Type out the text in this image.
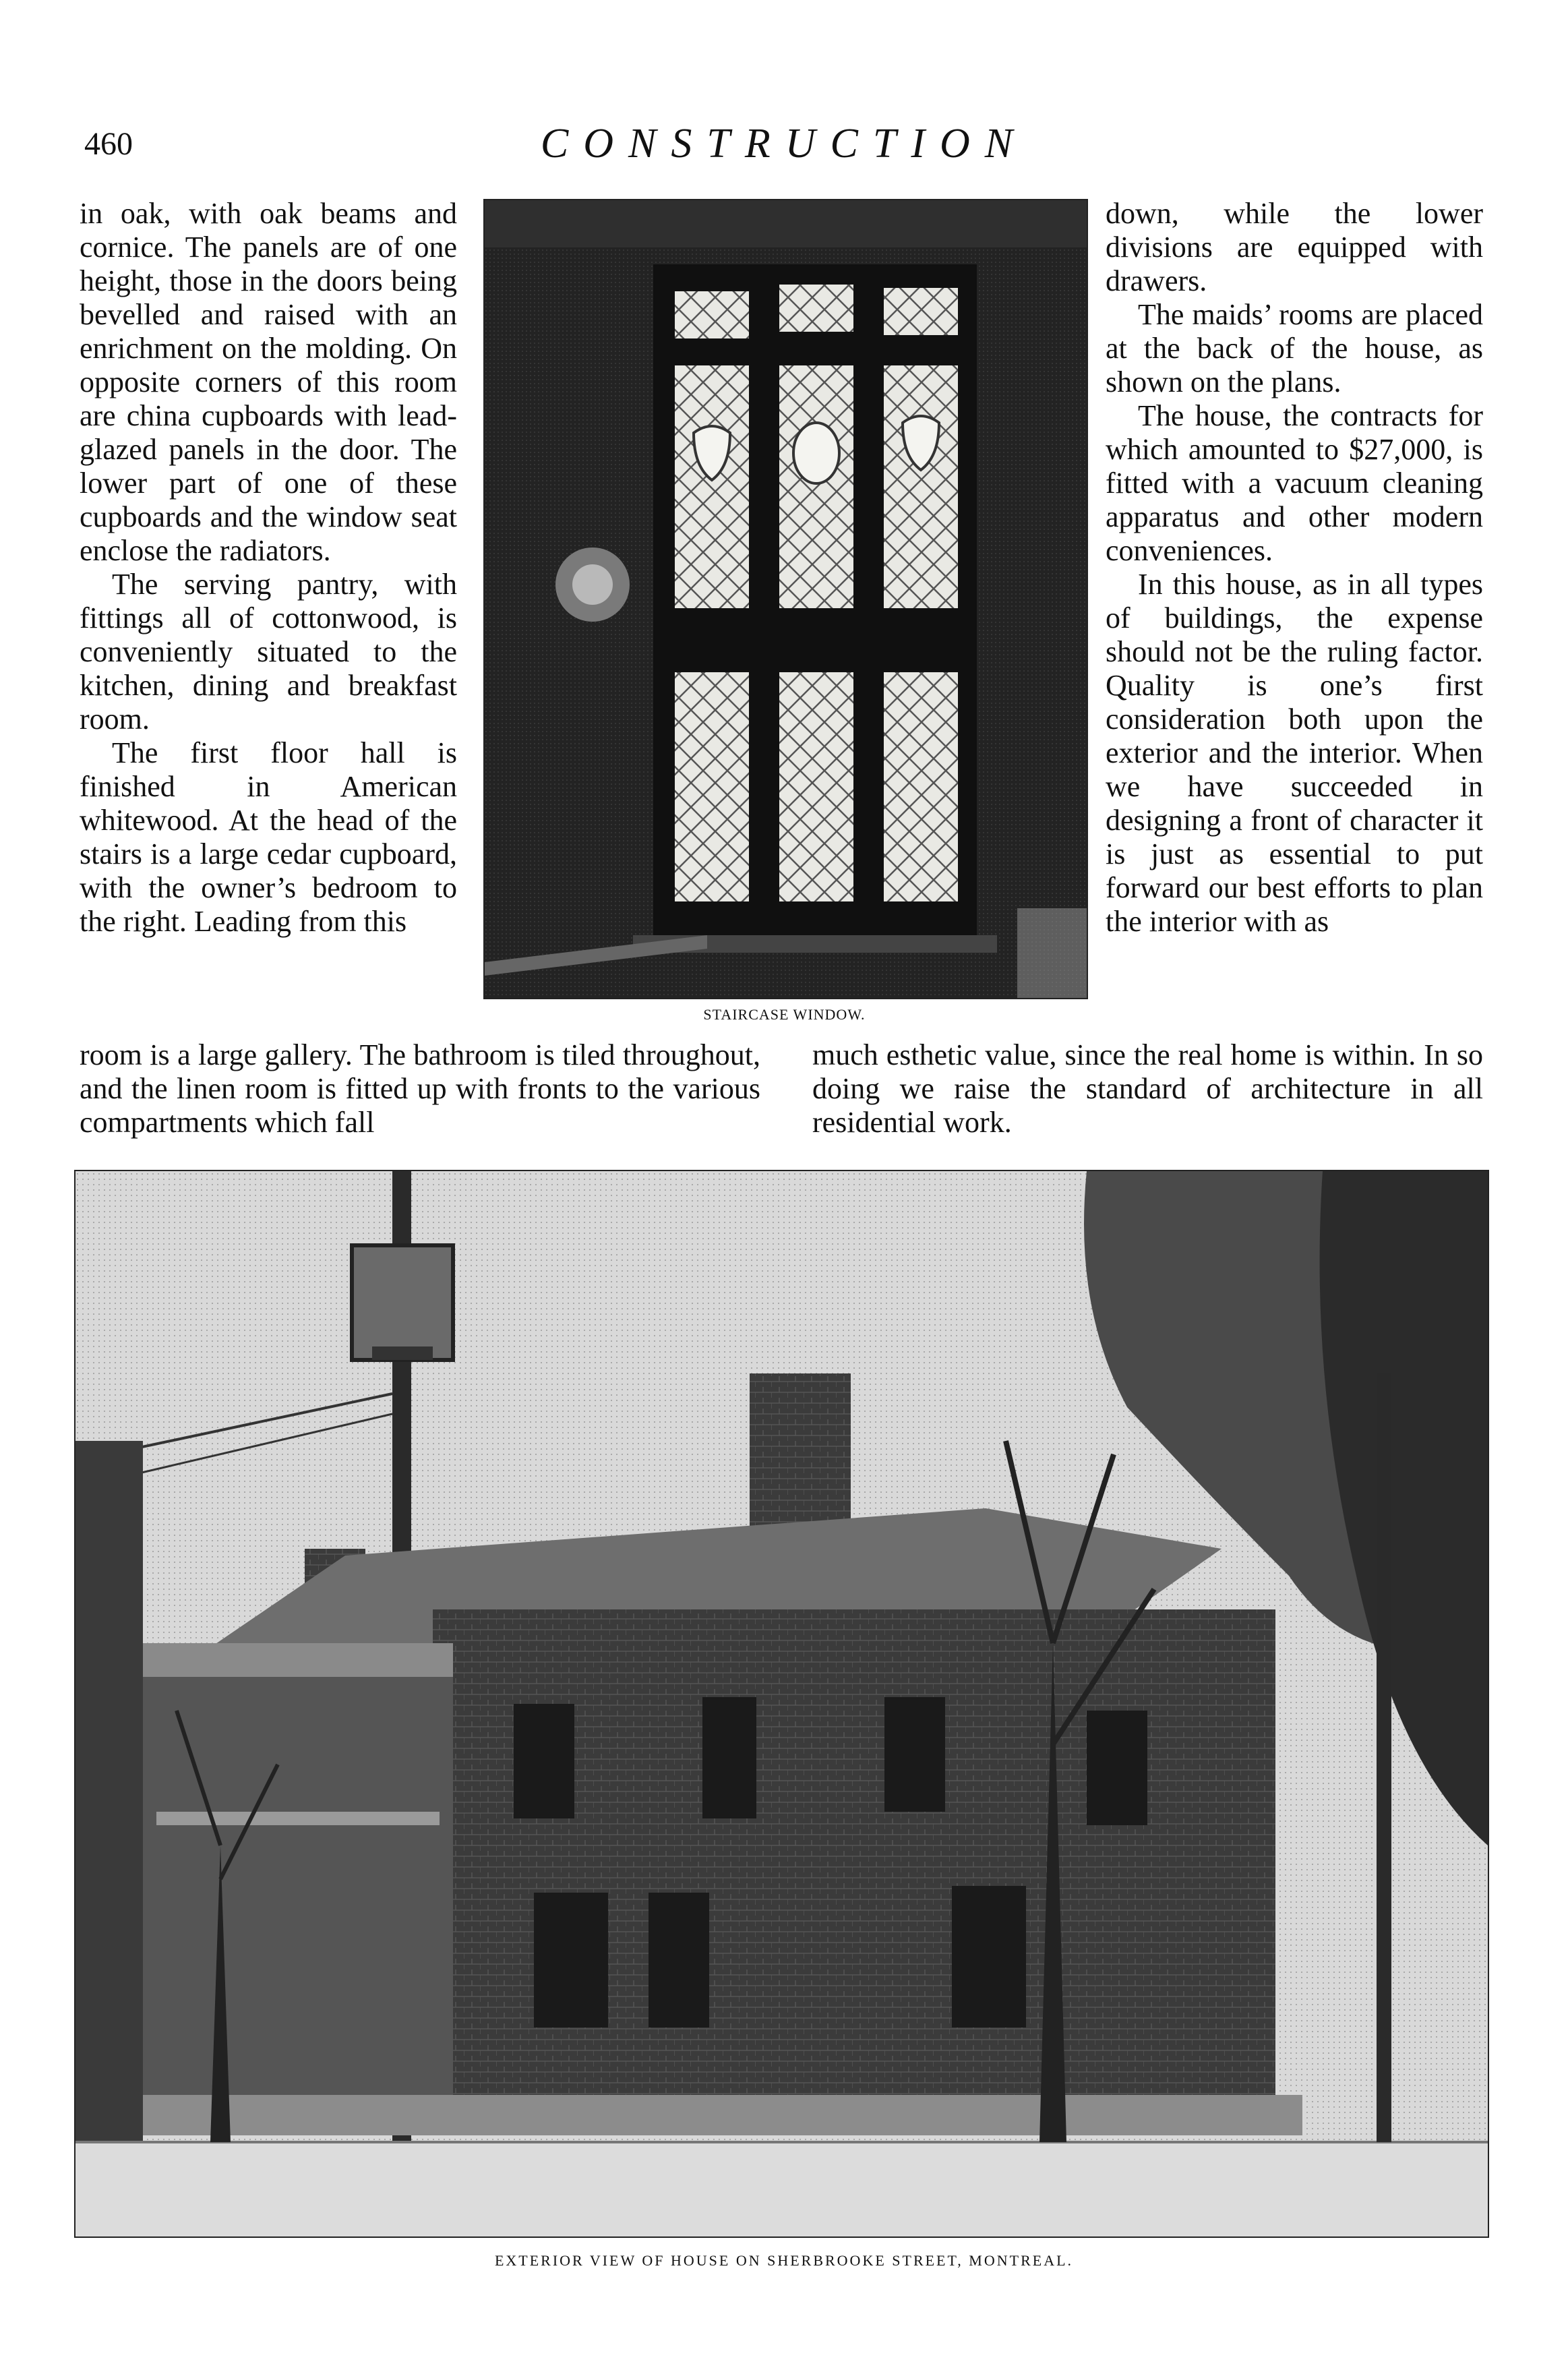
460	CONSTRUCTION

in oak, with oak beams and cornice. The panels are of one height, those in the doors being bevelled and raised with an enrichment on the molding. On opposite corners of this room are china cupboards with lead-glazed panels in the door. The lower part of one of these cupboards and the window seat enclose the radiators.

The serving pantry, with fittings all of cottonwood, is conveniently situated to the kitchen, dining and breakfast room.

The first floor hall is finished in American whitewood. At the head of the stairs is a large cedar cupboard, with the owner’s bedroom to the right. Leading from this

STAIRCASE WINDOW.

down, while the lower divisions are equipped with drawers.

The maids’ rooms are placed at the back of the house, as shown on the plans.

The house, the contracts for which amounted to $27,000, is fitted with a vacuum cleaning apparatus and other modern conveniences.

In this house, as in all types of buildings, the expense should not be the ruling factor. Quality is one’s first consideration both upon the exterior and the interior. When we have succeeded in designing a front of character it is just as essential to put forward our best efforts to plan the interior with as

room is a large gallery. The bathroom is tiled throughout, and the linen room is fitted up with fronts to the various compartments which fall
much esthetic value, since the real home is within. In so doing we raise the standard of architecture in all residential work.
EXTERIOR VIEW OF HOUSE ON SHERBROOKE STREET, MONTREAL.
